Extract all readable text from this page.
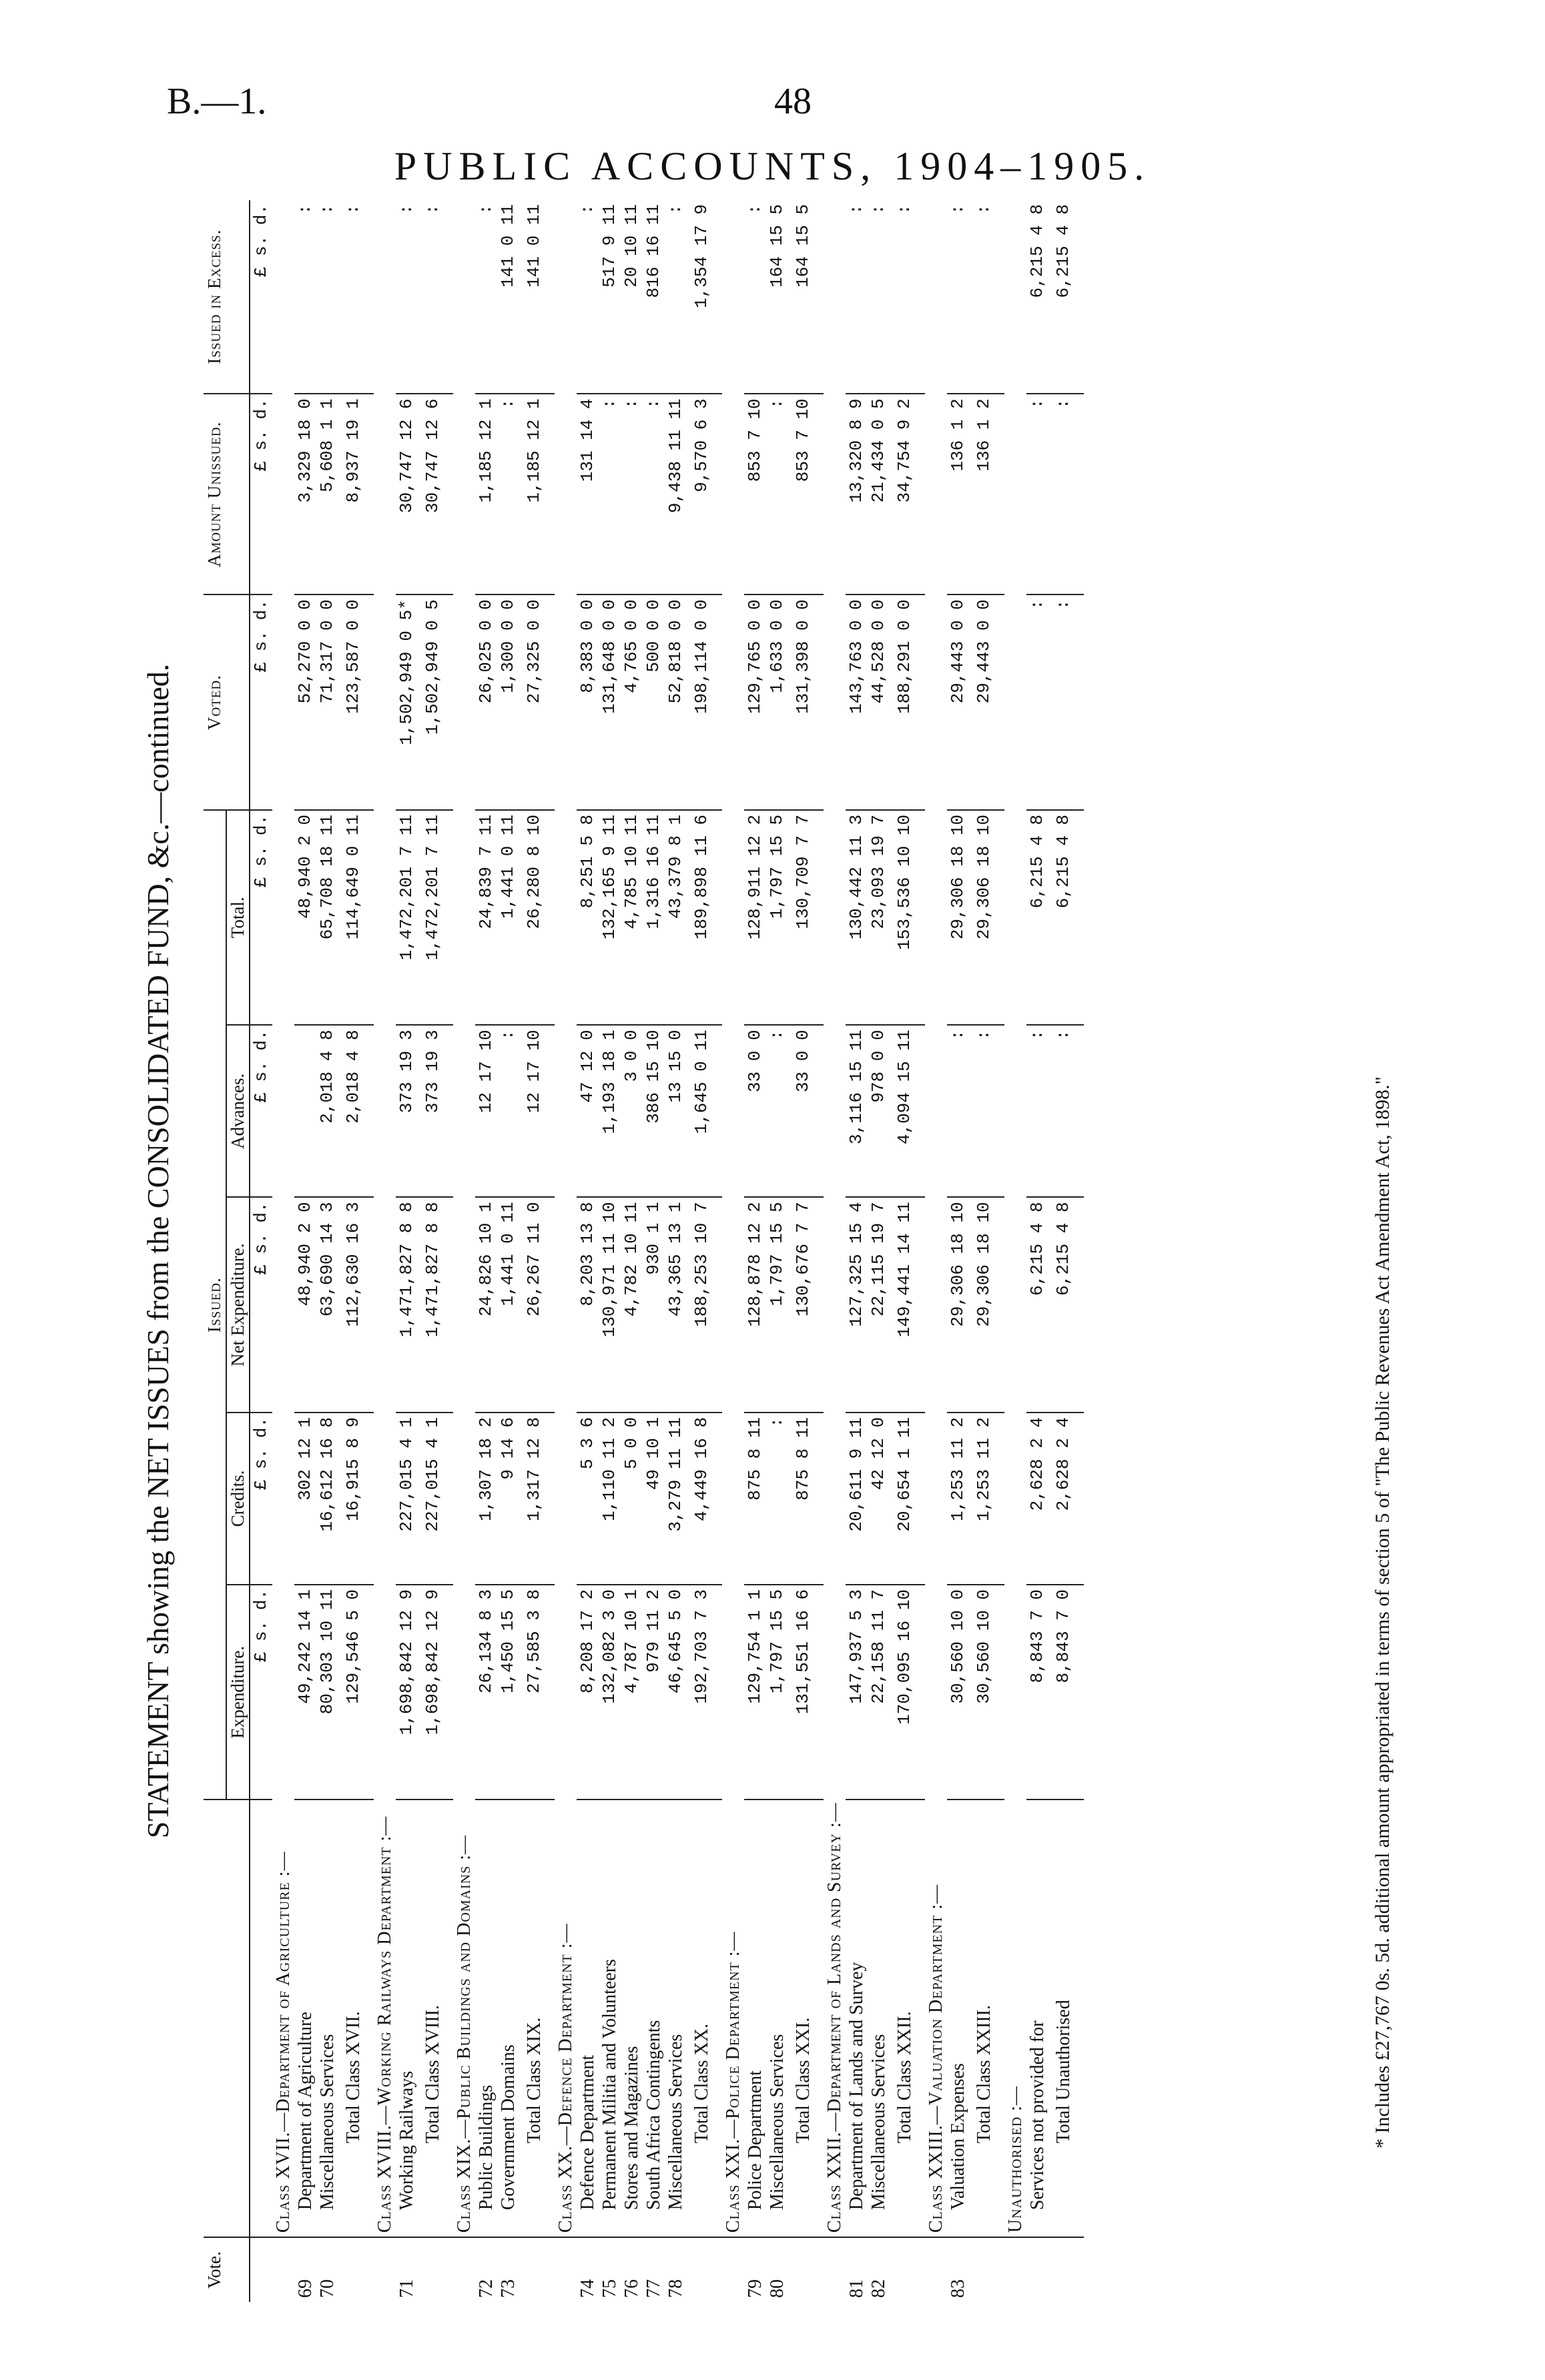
B.—1.	48
PUBLIC ACCOUNTS, 1904–1905.
STATEMENT showing the NET ISSUES from the CONSOLIDATED FUND, &c.—continued.
Vote.		Issued.					Voted.	Amount Unissued.	Issued in Excess.
		Expenditure.	Credits.	Net Expenditure.	Advances.	Total.			
		£ s. d.	£ s. d.	£ s. d.	£ s. d.	£ s. d.	£ s. d.	£ s. d.	£ s. d.
	Class XVII.—Department of Agriculture :—								
69	Department of Agriculture	49,242 14 1	302 12 1	48,940 2 0		48,940 2 0	52,270 0 0	3,329 18 0	:
70	Miscellaneous Services	80,303 10 11	16,612 16 8	63,690 14 3	2,018 4 8	65,708 18 11	71,317 0 0	5,608 1 1	:
	Total Class XVII.	129,546 5 0	16,915 8 9	112,630 16 3	2,018 4 8	114,649 0 11	123,587 0 0	8,937 19 1	:
	Class XVIII.—Working Railways Department :—								
71	Working Railways	1,698,842 12 9	227,015 4 1	1,471,827 8 8	373 19 3	1,472,201 7 11	1,502,949 0 5*	30,747 12 6	:
	Total Class XVIII.	1,698,842 12 9	227,015 4 1	1,471,827 8 8	373 19 3	1,472,201 7 11	1,502,949 0 5	30,747 12 6	:
	Class XIX.—Public Buildings and Domains :—								
72	Public Buildings	26,134 8 3	1,307 18 2	24,826 10 1	12 17 10	24,839 7 11	26,025 0 0	1,185 12 1	:
73	Government Domains	1,450 15 5	9 14 6	1,441 0 11	:	1,441 0 11	1,300 0 0	:	141 0 11
	Total Class XIX.	27,585 3 8	1,317 12 8	26,267 11 0	12 17 10	26,280 8 10	27,325 0 0	1,185 12 1	141 0 11
	Class XX.—Defence Department :—								
74	Defence Department	8,208 17 2	5 3 6	8,203 13 8	47 12 0	8,251 5 8	8,383 0 0	131 14 4	:
75	Permanent Militia and Volunteers	132,082 3 0	1,110 11 2	130,971 11 10	1,193 18 1	132,165 9 11	131,648 0 0	:	517 9 11
76	Stores and Magazines	4,787 10 1	5 0 0	4,782 10 11	3 0 0	4,785 10 11	4,765 0 0	:	20 10 11
77	South Africa Contingents	979 11 2	49 10 1	930 1 1	386 15 10	1,316 16 11	500 0 0	:	816 16 11
78	Miscellaneous Services	46,645 5 0	3,279 11 11	43,365 13 1	13 15 0	43,379 8 1	52,818 0 0	9,438 11 11	:
	Total Class XX.	192,703 7 3	4,449 16 8	188,253 10 7	1,645 0 11	189,898 11 6	198,114 0 0	9,570 6 3	1,354 17 9
	Class XXI.—Police Department :—								
79	Police Department	129,754 1 1	875 8 11	128,878 12 2	33 0 0	128,911 12 2	129,765 0 0	853 7 10	:
80	Miscellaneous Services	1,797 15 5	:	1,797 15 5	:	1,797 15 5	1,633 0 0	:	164 15 5
	Total Class XXI.	131,551 16 6	875 8 11	130,676 7 7	33 0 0	130,709 7 7	131,398 0 0	853 7 10	164 15 5
	Class XXII.—Department of Lands and Survey :—								
81	Department of Lands and Survey	147,937 5 3	20,611 9 11	127,325 15 4	3,116 15 11	130,442 11 3	143,763 0 0	13,320 8 9	:
82	Miscellaneous Services	22,158 11 7	42 12 0	22,115 19 7	978 0 0	23,093 19 7	44,528 0 0	21,434 0 5	:
	Total Class XXII.	170,095 16 10	20,654 1 11	149,441 14 11	4,094 15 11	153,536 10 10	188,291 0 0	34,754 9 2	:
	Class XXIII.—Valuation Department :—								
83	Valuation Expenses	30,560 10 0	1,253 11 2	29,306 18 10	:	29,306 18 10	29,443 0 0	136 1 2	:
	Total Class XXIII.	30,560 10 0	1,253 11 2	29,306 18 10	:	29,306 18 10	29,443 0 0	136 1 2	:
	Unauthorised :—								
	Services not provided for	8,843 7 0	2,628 2 4	6,215 4 8	:	6,215 4 8	:	:	6,215 4 8
	Total Unauthorised	8,843 7 0	2,628 2 4	6,215 4 8	:	6,215 4 8	:	:	6,215 4 8
* Includes £27,767 0s. 5d. additional amount appropriated in terms of section 5 of "The Public Revenues Act Amendment Act, 1898."
